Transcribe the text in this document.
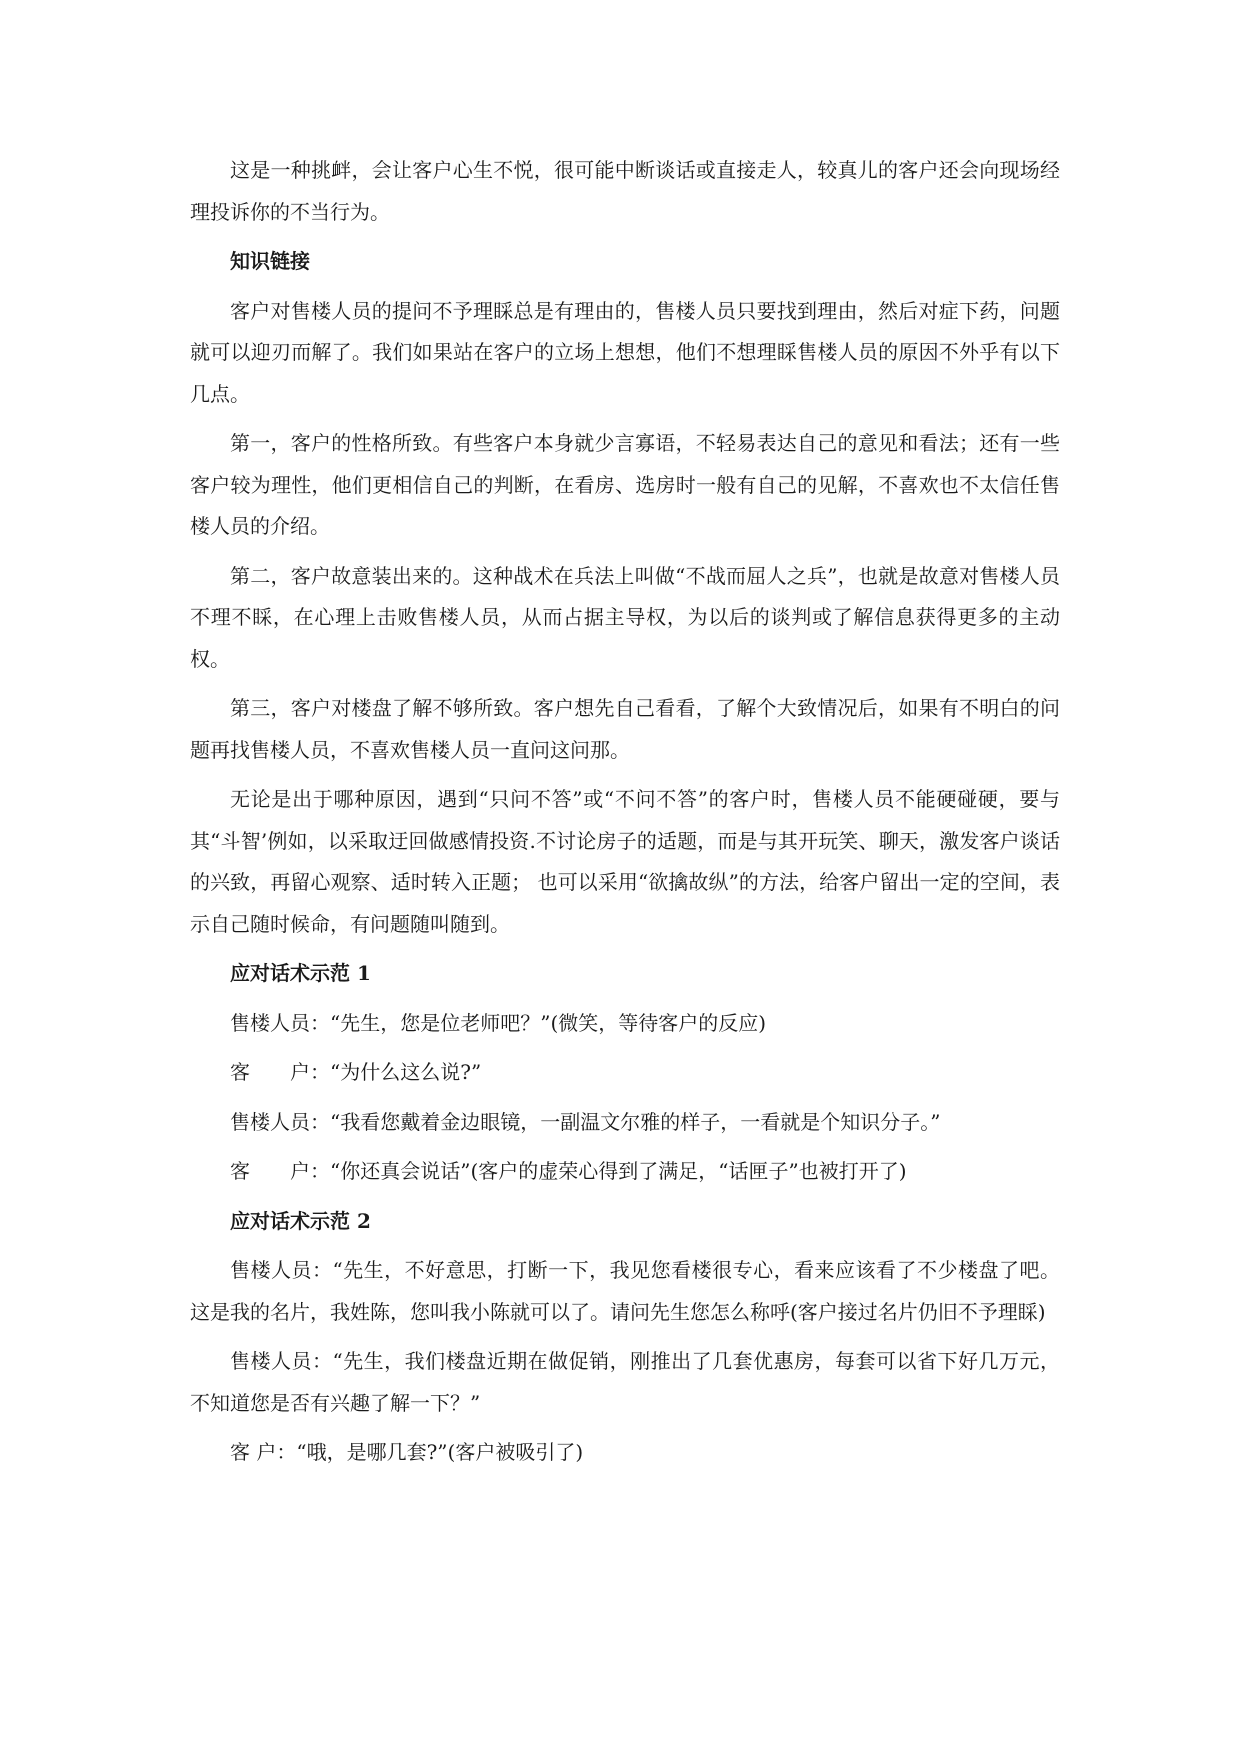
这是一种挑衅，会让客户心生不悦，很可能中断谈话或直接走人，较真儿的客户还会向现场经理投诉你的不当行为。

知识链接

客户对售楼人员的提问不予理睬总是有理由的，售楼人员只要找到理由，然后对症下药，问题就可以迎刃而解了。我们如果站在客户的立场上想想，他们不想理睬售楼人员的原因不外乎有以下几点。

第一，客户的性格所致。有些客户本身就少言寡语，不轻易表达自己的意见和看法；还有一些客户较为理性，他们更相信自己的判断，在看房、选房时一般有自己的见解，不喜欢也不太信任售楼人员的介绍。

第二，客户故意装出来的。这种战术在兵法上叫做“不战而屈人之兵”，也就是故意对售楼人员不理不睬，在心理上击败售楼人员，从而占据主导权，为以后的谈判或了解信息获得更多的主动权。

第三，客户对楼盘了解不够所致。客户想先自己看看，了解个大致情况后，如果有不明白的问题再找售楼人员，不喜欢售楼人员一直问这问那。

无论是出于哪种原因，遇到“只问不答”或“不问不答”的客户时，售楼人员不能硬碰硬，要与其“斗智’例如，以采取迂回做感情投资.不讨论房子的适题，而是与其开玩笑、聊天，激发客户谈话的兴致，再留心观察、适时转入正题； 也可以采用“欲擒故纵”的方法，给客户留出一定的空间，表示自己随时候命，有问题随叫随到。

应对话术示范 1

售楼人员：“先生，您是位老师吧？”(微笑，等待客户的反应)

客　　户：“为什么这么说?”

售楼人员：“我看您戴着金边眼镜，一副温文尔雅的样子，一看就是个知识分子。”

客　　户：“你还真会说话”(客户的虚荣心得到了满足，“话匣子”也被打开了)

应对话术示范 2

售楼人员：“先生，不好意思，打断一下，我见您看楼很专心，看来应该看了不少楼盘了吧。这是我的名片，我姓陈，您叫我小陈就可以了。请问先生您怎么称呼(客户接过名片仍旧不予理睬)

售楼人员：“先生，我们楼盘近期在做促销，刚推出了几套优惠房，每套可以省下好几万元，不知道您是否有兴趣了解一下？”

客 户：“哦，是哪几套?”(客户被吸引了)
